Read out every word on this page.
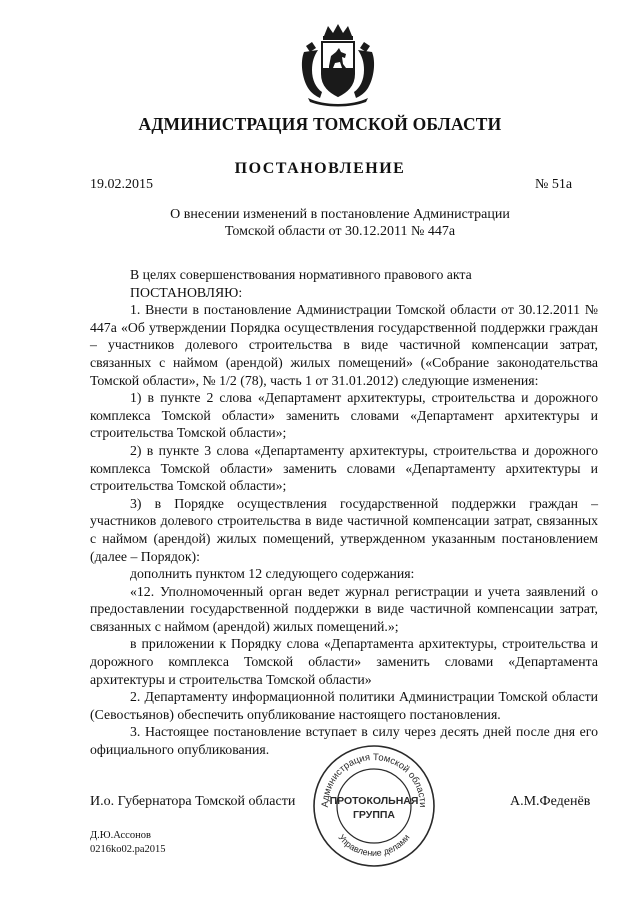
АДМИНИСТРАЦИЯ ТОМСКОЙ ОБЛАСТИ
ПОСТАНОВЛЕНИЕ
19.02.2015	№ 51а
О внесении изменений в постановление Администрации
Томской области от 30.12.2011 № 447а

В целях совершенствования нормативного правового акта

ПОСТАНОВЛЯЮ:

1. Внести в постановление Администрации Томской области от 30.12.2011 № 447а «Об утверждении Порядка осуществления государственной поддержки граждан – участников долевого строительства в виде частичной компенсации затрат, связанных с наймом (арендой) жилых помещений» («Собрание законодательства Томской области», № 1/2 (78), часть 1 от 31.01.2012) следующие изменения:

1) в пункте 2 слова «Департамент архитектуры, строительства и дорожного комплекса Томской области» заменить словами «Департамент архитектуры и строительства Томской области»;

2) в пункте 3 слова «Департаменту архитектуры, строительства и дорожного комплекса Томской области» заменить словами «Департаменту архитектуры и строительства Томской области»;

3) в Порядке осуществления государственной поддержки граждан – участников долевого строительства в виде частичной компенсации затрат, связанных с наймом (арендой) жилых помещений, утвержденном указанным постановлением (далее – Порядок):

дополнить пунктом 12 следующего содержания:

«12. Уполномоченный орган ведет журнал регистрации и учета заявлений о предоставлении государственной поддержки в виде частичной компенсации затрат, связанных с наймом (арендой) жилых помещений.»;

в приложении к Порядку слова «Департамента архитектуры, строительства и дорожного комплекса Томской области» заменить словами «Департамента архитектуры и строительства Томской области»

2. Департаменту информационной политики Администрации Томской области (Севостьянов) обеспечить опубликование настоящего постановления.

3. Настоящее постановление вступает в силу через десять дней после дня его официального опубликования.

И.о. Губернатора Томской области	А.М.Феденёв
Администрация Томской области
Управление делами
ПРОТОКОЛЬНАЯ
ГРУППА
Д.Ю.Ассонов
0216ko02.pa2015
